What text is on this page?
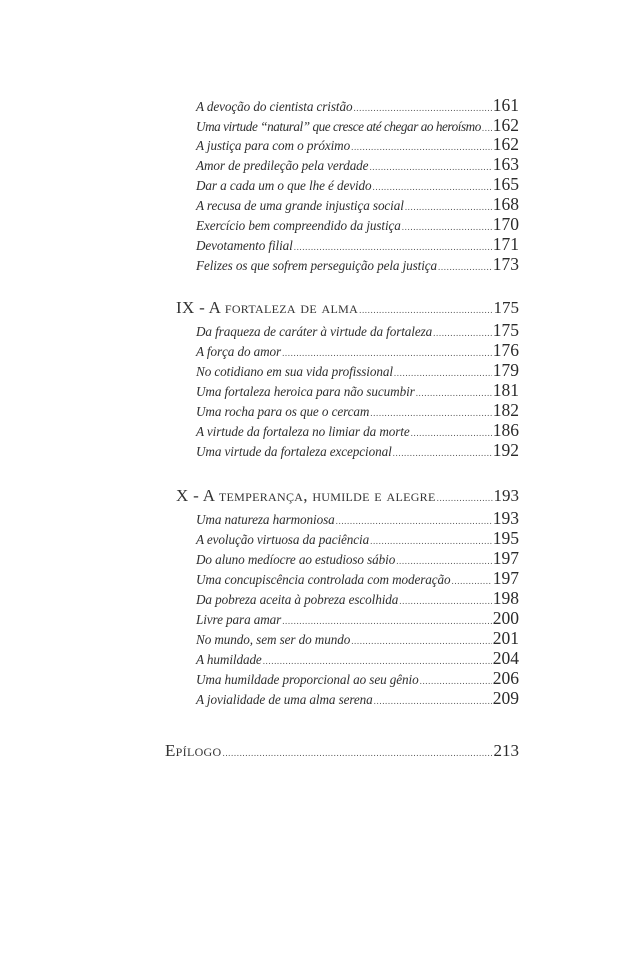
A devoção do cientista cristão .....	161
Uma virtude “natural” que cresce até chegar ao heroísmo ..... 162
A justiça para com o próximo .....	162
Amor de predileção pela verdade .....	163
Dar a cada um o que lhe é devido .....	165
A recusa de uma grande injustiça social .....	168
Exercício bem compreendido da justiça .....	170
Devotamento filial .....	171
Felizes os que sofrem perseguição pela justiça .....	173
IX - A fortaleza de alma .....	175
Da fraqueza de caráter à virtude da fortaleza .....	175
A força do amor .....	176
No cotidiano em sua vida profissional .....	179
Uma fortaleza heroica para não sucumbir .....	181
Uma rocha para os que o cercam .....	182
A virtude da fortaleza no limiar da morte .....	186
Uma virtude da fortaleza excepcional .....	192
X - A temperança, humilde e alegre .....	193
Uma natureza harmoniosa .....	193
A evolução virtuosa da paciência .....	195
Do aluno medíocre ao estudioso sábio .....	197
Uma concupiscência controlada com moderação ..... 197
Da pobreza aceita à pobreza escolhida .....	198
Livre para amar .....	200
No mundo, sem ser do mundo .....	201
A humildade .....	204
Uma humildade proporcional ao seu gênio .....	206
A jovialidade de uma alma serena .....	209
Epílogo .....	213
